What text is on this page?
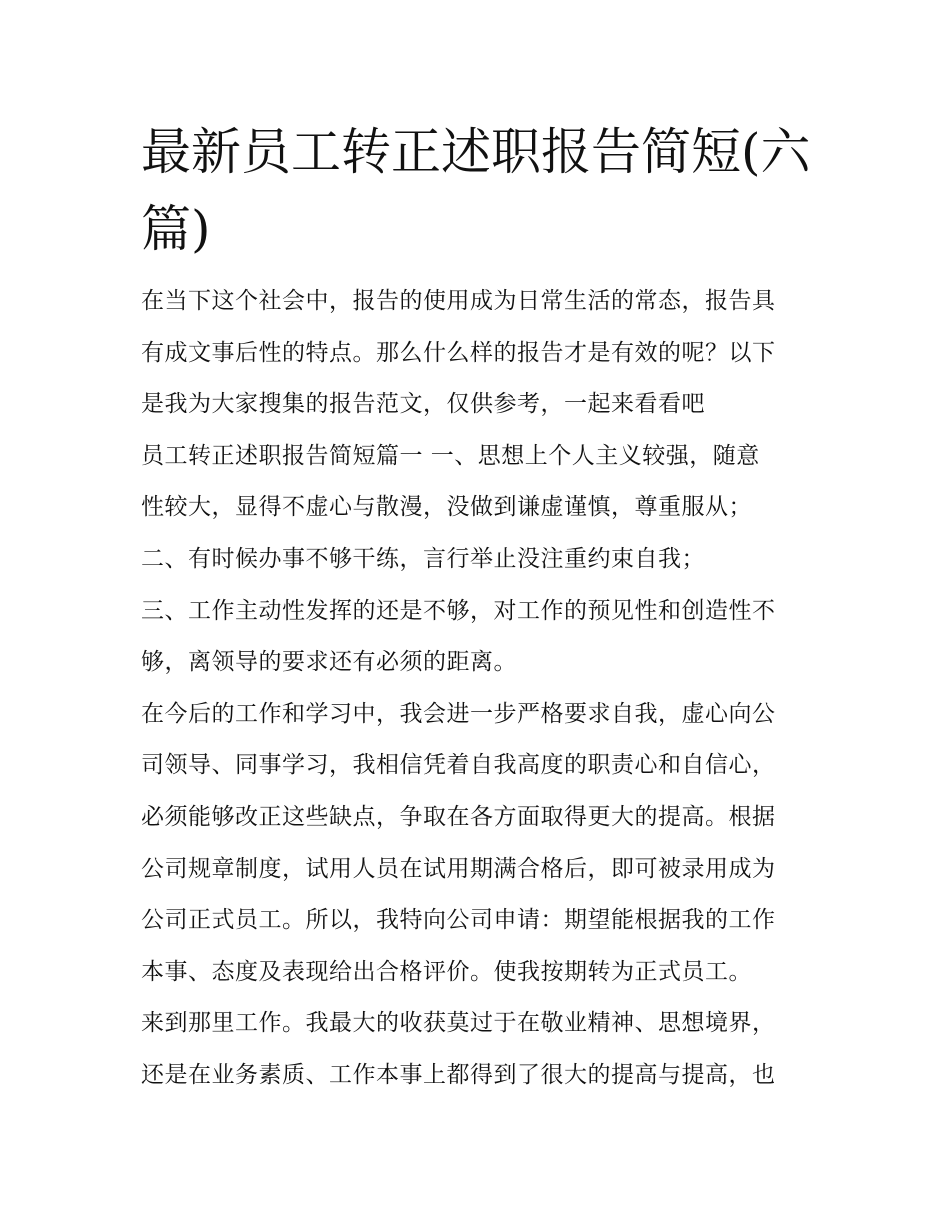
最新员工转正述职报告简短(六
篇)
在当下这个社会中，报告的使用成为日常生活的常态，报告具
有成文事后性的特点。那么什么样的报告才是有效的呢？以下
是我为大家搜集的报告范文，仅供参考，一起来看看吧
员工转正述职报告简短篇一 一、思想上个人主义较强，随意
性较大，显得不虚心与散漫，没做到谦虚谨慎，尊重服从；
二、有时候办事不够干练，言行举止没注重约束自我；
三、工作主动性发挥的还是不够，对工作的预见性和创造性不
够，离领导的要求还有必须的距离。
在今后的工作和学习中，我会进一步严格要求自我，虚心向公
司领导、同事学习，我相信凭着自我高度的职责心和自信心，
必须能够改正这些缺点，争取在各方面取得更大的提高。根据
公司规章制度，试用人员在试用期满合格后，即可被录用成为
公司正式员工。所以，我特向公司申请：期望能根据我的工作
本事、态度及表现给出合格评价。使我按期转为正式员工。
来到那里工作。我最大的收获莫过于在敬业精神、思想境界，
还是在业务素质、工作本事上都得到了很大的提高与提高，也
